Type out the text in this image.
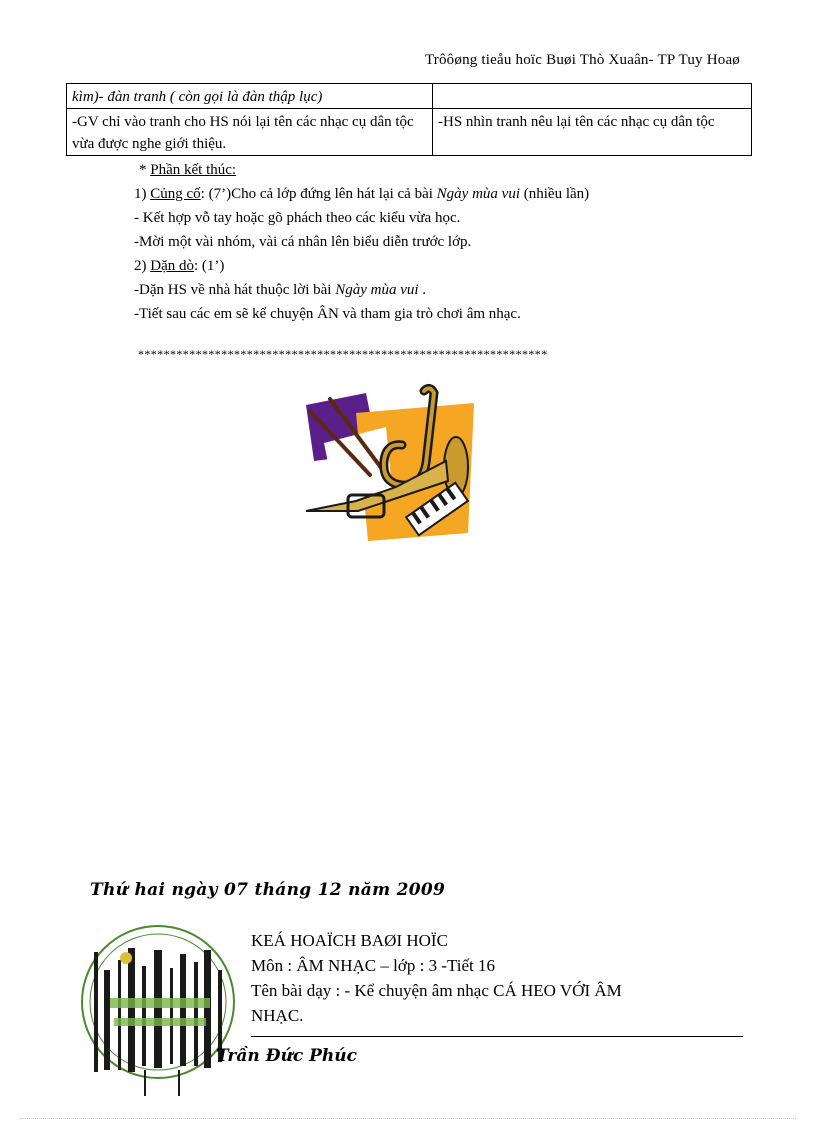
Trôôøng tieåu hoïc Buøi Thò Xuaân- TP Tuy Hoaø
kìm)- đàn tranh ( còn gọi là đàn thập lục)	
-GV chỉ vào tranh cho HS nói lại tên các nhạc cụ dân tộc vừa được nghe giới thiệu.	-HS nhìn tranh nêu lại tên các nhạc cụ dân tộc

* Phần kết thúc:

1) Củng cố: (7’)Cho cả lớp đứng lên hát lại cả bài Ngày mùa vui (nhiều lần)

- Kết hợp vỗ tay hoặc gõ phách theo các kiểu vừa học.

-Mời một vài nhóm, vài cá nhân lên biểu diễn trước lớp.

2) Dặn dò: (1’)

-Dặn HS về nhà hát thuộc lời bài Ngày mùa vui .

-Tiết sau các em sẽ kể chuyện ÂN và tham gia trò chơi âm nhạc.

****************************************************************
Thứ hai ngày 07 tháng 12 năm 2009
KEÁ HOAÏCH BAØI HOÏC
Môn : ÂM NHẠC – lớp : 3 -Tiết 16
Tên bài dạy : - Kể chuyện âm nhạc CÁ HEO VỚI ÂM
NHẠC.
Trần Đức Phúc
